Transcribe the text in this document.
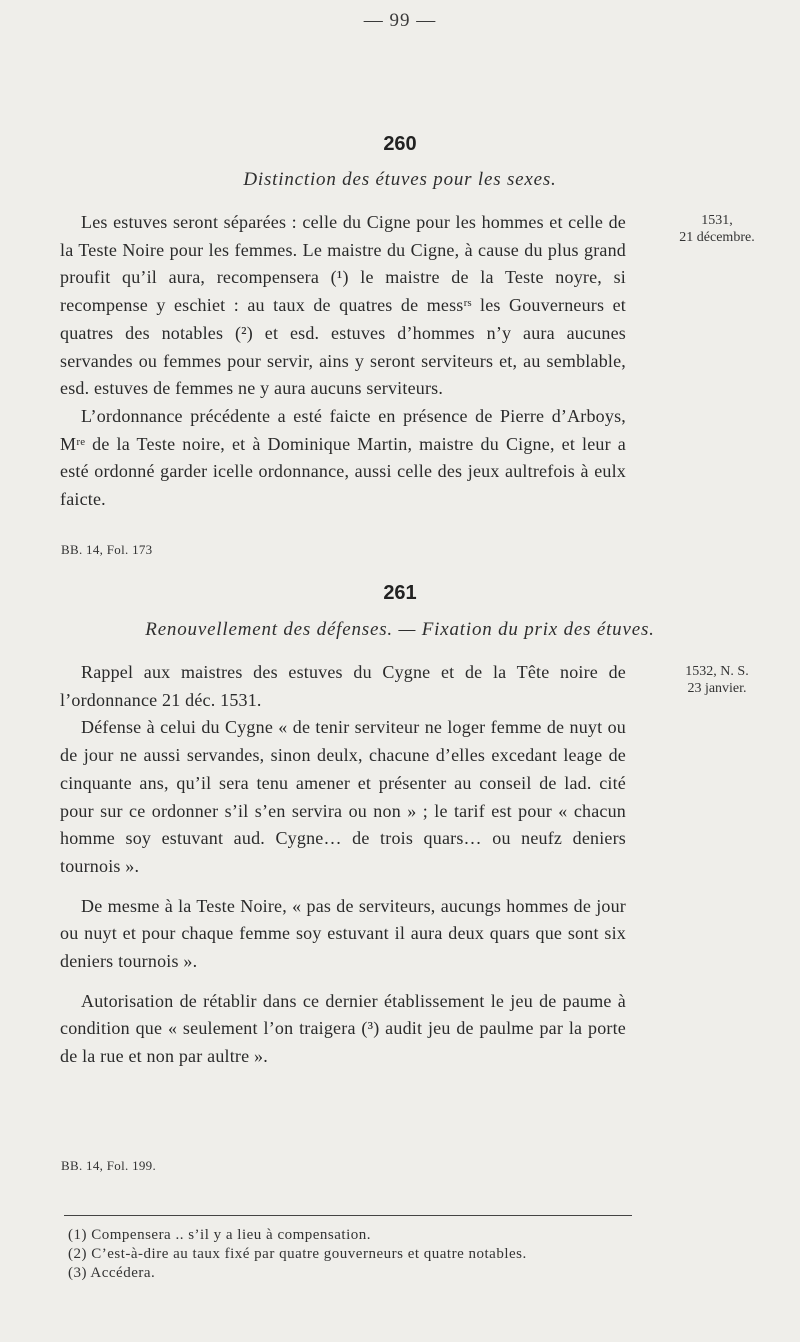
— 99 —
260
Distinction des étuves pour les sexes.
1531,
21 décembre.

Les estuves seront séparées : celle du Cigne pour les hommes et celle de la Teste Noire pour les femmes. Le maistre du Cigne, à cause du plus grand proufit qu’il aura, recompensera (¹) le maistre de la Teste noyre, si recompense y eschiet : au taux de quatres de messʳˢ les Gouverneurs et quatres des notables (²) et esd. estuves d’hommes n’y aura aucunes servandes ou femmes pour servir, ains y seront serviteurs et, au semblable, esd. estuves de femmes ne y aura aucuns serviteurs.

L’ordonnance précédente a esté faicte en présence de Pierre d’Arboys, Mʳᵉ de la Teste noire, et à Dominique Martin, maistre du Cigne, et leur a esté ordonné garder icelle ordonnance, aussi celle des jeux aultrefois à eulx faicte.

BB. 14, Fol. 173
261
Renouvellement des défenses. — Fixation du prix des étuves.
1532, N. S.
23 janvier.

Rappel aux maistres des estuves du Cygne et de la Tête noire de l’ordonnance 21 déc. 1531.

Défense à celui du Cygne « de tenir serviteur ne loger femme de nuyt ou de jour ne aussi servandes, sinon deulx, chacune d’elles excedant leage de cinquante ans, qu’il sera tenu amener et présenter au conseil de lad. cité pour sur ce ordonner s’il s’en servira ou non » ; le tarif est pour « chacun homme soy estuvant aud. Cygne… de trois quars… ou neufz deniers tournois ».

De mesme à la Teste Noire, « pas de serviteurs, aucungs hommes de jour ou nuyt et pour chaque femme soy estuvant il aura deux quars que sont six deniers tournois ».

Autorisation de rétablir dans ce dernier établissement le jeu de paume à condition que « seulement l’on traigera (³) audit jeu de paulme par la porte de la rue et non par aultre ».

BB. 14, Fol. 199.
(1) Compensera .. s’il y a lieu à compensation.
(2) C’est-à-dire au taux fixé par quatre gouverneurs et quatre notables.
(3) Accédera.
